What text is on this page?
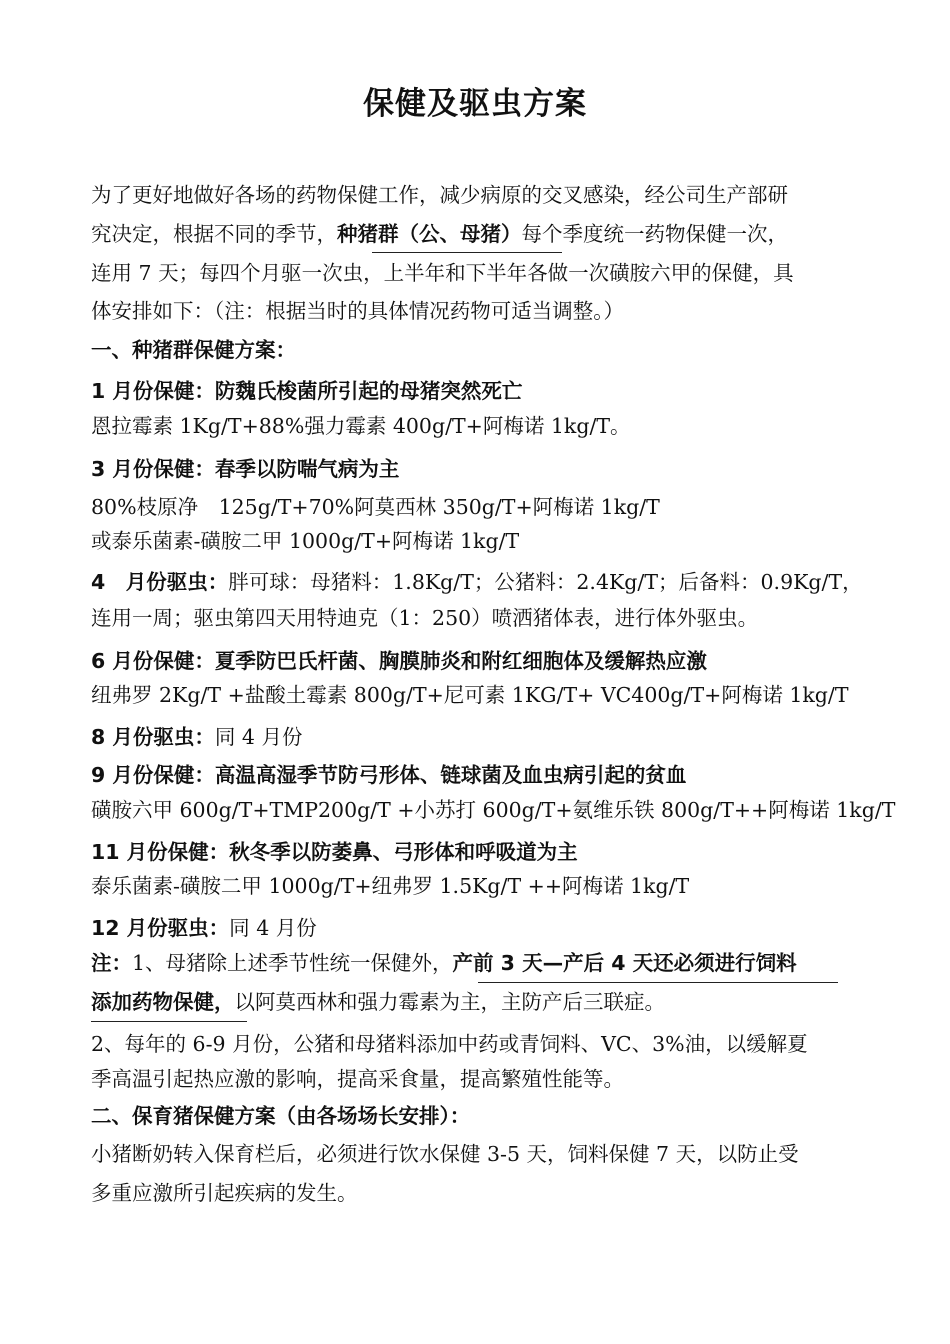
保健及驱虫方案
为了更好地做好各场的药物保健工作，减少病原的交叉感染，经公司生产部研
究决定，根据不同的季节，种猪群（公、母猪）每个季度统一药物保健一次，
连用 7 天；每四个月驱一次虫，上半年和下半年各做一次磺胺六甲的保健，具
体安排如下：（注：根据当时的具体情况药物可适当调整。）
一、种猪群保健方案：
1 月份保健：防魏氏梭菌所引起的母猪突然死亡
恩拉霉素 1Kg/T+88%强力霉素 400g/T+阿梅诺 1kg/T。
3 月份保健：春季以防喘气病为主
80%枝原净　125g/T+70%阿莫西林 350g/T+阿梅诺 1kg/T
或泰乐菌素-磺胺二甲 1000g/T+阿梅诺 1kg/T
4　月份驱虫：胖可球：母猪料：1.8Kg/T；公猪料：2.4Kg/T；后备料：0.9Kg/T，
连用一周；驱虫第四天用特迪克（1：250）喷洒猪体表，进行体外驱虫。
6 月份保健：夏季防巴氏杆菌、胸膜肺炎和附红细胞体及缓解热应激
纽弗罗 2Kg/T +盐酸土霉素 800g/T+尼可素 1KG/T+ VC400g/T+阿梅诺 1kg/T
8 月份驱虫：同 4 月份
9 月份保健：高温高湿季节防弓形体、链球菌及血虫病引起的贫血
磺胺六甲 600g/T+TMP200g/T +小苏打 600g/T+氨维乐铁 800g/T++阿梅诺 1kg/T
11 月份保健：秋冬季以防萎鼻、弓形体和呼吸道为主
泰乐菌素-磺胺二甲 1000g/T+纽弗罗 1.5Kg/T ++阿梅诺 1kg/T
12 月份驱虫：同 4 月份
注：1、母猪除上述季节性统一保健外，产前 3 天—产后 4 天还必须进行饲料
添加药物保健，以阿莫西林和强力霉素为主，主防产后三联症。
2、每年的 6-9 月份，公猪和母猪料添加中药或青饲料、VC、3%油，以缓解夏
季高温引起热应激的影响，提高采食量，提高繁殖性能等。
二、保育猪保健方案（由各场场长安排）：
小猪断奶转入保育栏后，必须进行饮水保健 3-5 天，饲料保健 7 天，以防止受
多重应激所引起疾病的发生。
